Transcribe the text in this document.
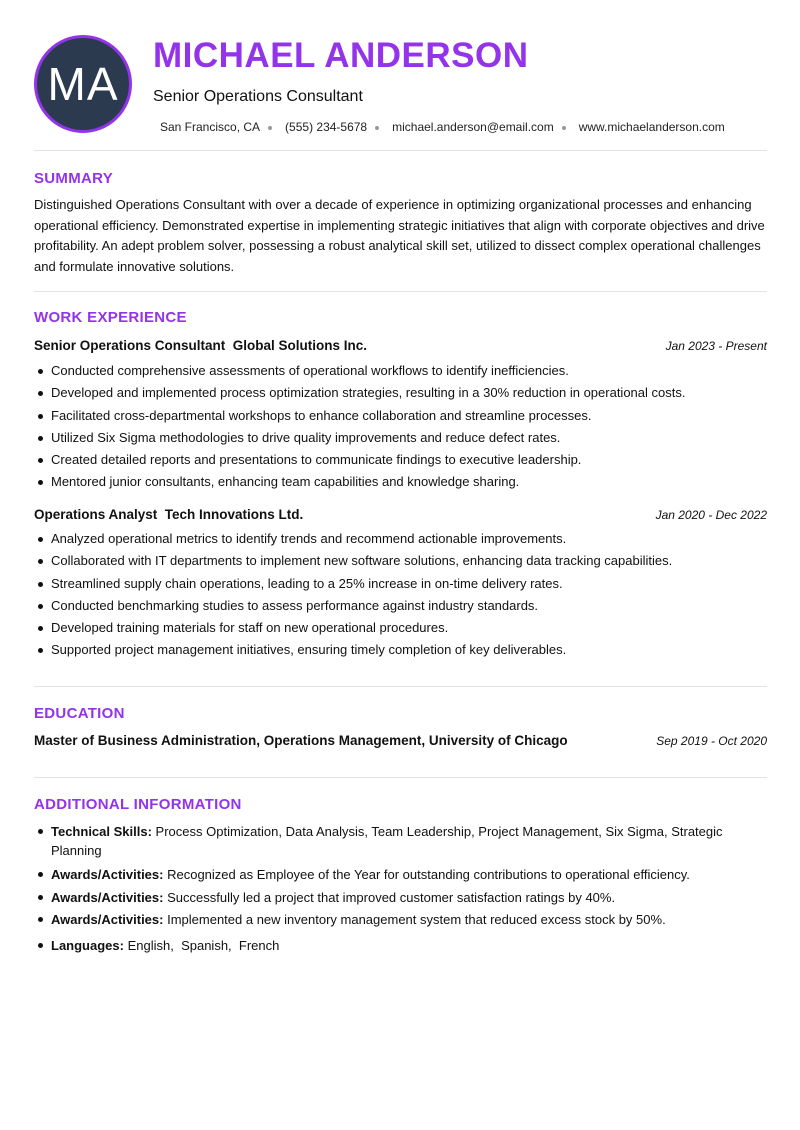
MA
MICHAEL ANDERSON
Senior Operations Consultant
San Francisco, CA (555) 234-5678 michael.anderson@email.com www.michaelanderson.com
SUMMARY
Distinguished Operations Consultant with over a decade of experience in optimizing organizational processes and enhancing operational efficiency. Demonstrated expertise in implementing strategic initiatives that align with corporate objectives and drive profitability. An adept problem solver, possessing a robust analytical skill set, utilized to dissect complex operational challenges and formulate innovative solutions.
WORK EXPERIENCE
Senior Operations Consultant  Global Solutions Inc.	Jan 2023 - Present
Conducted comprehensive assessments of operational workflows to identify inefficiencies.
Developed and implemented process optimization strategies, resulting in a 30% reduction in operational costs.
Facilitated cross-departmental workshops to enhance collaboration and streamline processes.
Utilized Six Sigma methodologies to drive quality improvements and reduce defect rates.
Created detailed reports and presentations to communicate findings to executive leadership.
Mentored junior consultants, enhancing team capabilities and knowledge sharing.
Operations Analyst  Tech Innovations Ltd.	Jan 2020 - Dec 2022
Analyzed operational metrics to identify trends and recommend actionable improvements.
Collaborated with IT departments to implement new software solutions, enhancing data tracking capabilities.
Streamlined supply chain operations, leading to a 25% increase in on-time delivery rates.
Conducted benchmarking studies to assess performance against industry standards.
Developed training materials for staff on new operational procedures.
Supported project management initiatives, ensuring timely completion of key deliverables.
EDUCATION
Master of Business Administration, Operations Management, University of Chicago	Sep 2019 - Oct 2020
ADDITIONAL INFORMATION
Technical Skills: Process Optimization, Data Analysis, Team Leadership, Project Management, Six Sigma, Strategic Planning
Awards/Activities: Recognized as Employee of the Year for outstanding contributions to operational efficiency.
Awards/Activities: Successfully led a project that improved customer satisfaction ratings by 40%.
Awards/Activities: Implemented a new inventory management system that reduced excess stock by 50%.
Languages: English,  Spanish,  French
